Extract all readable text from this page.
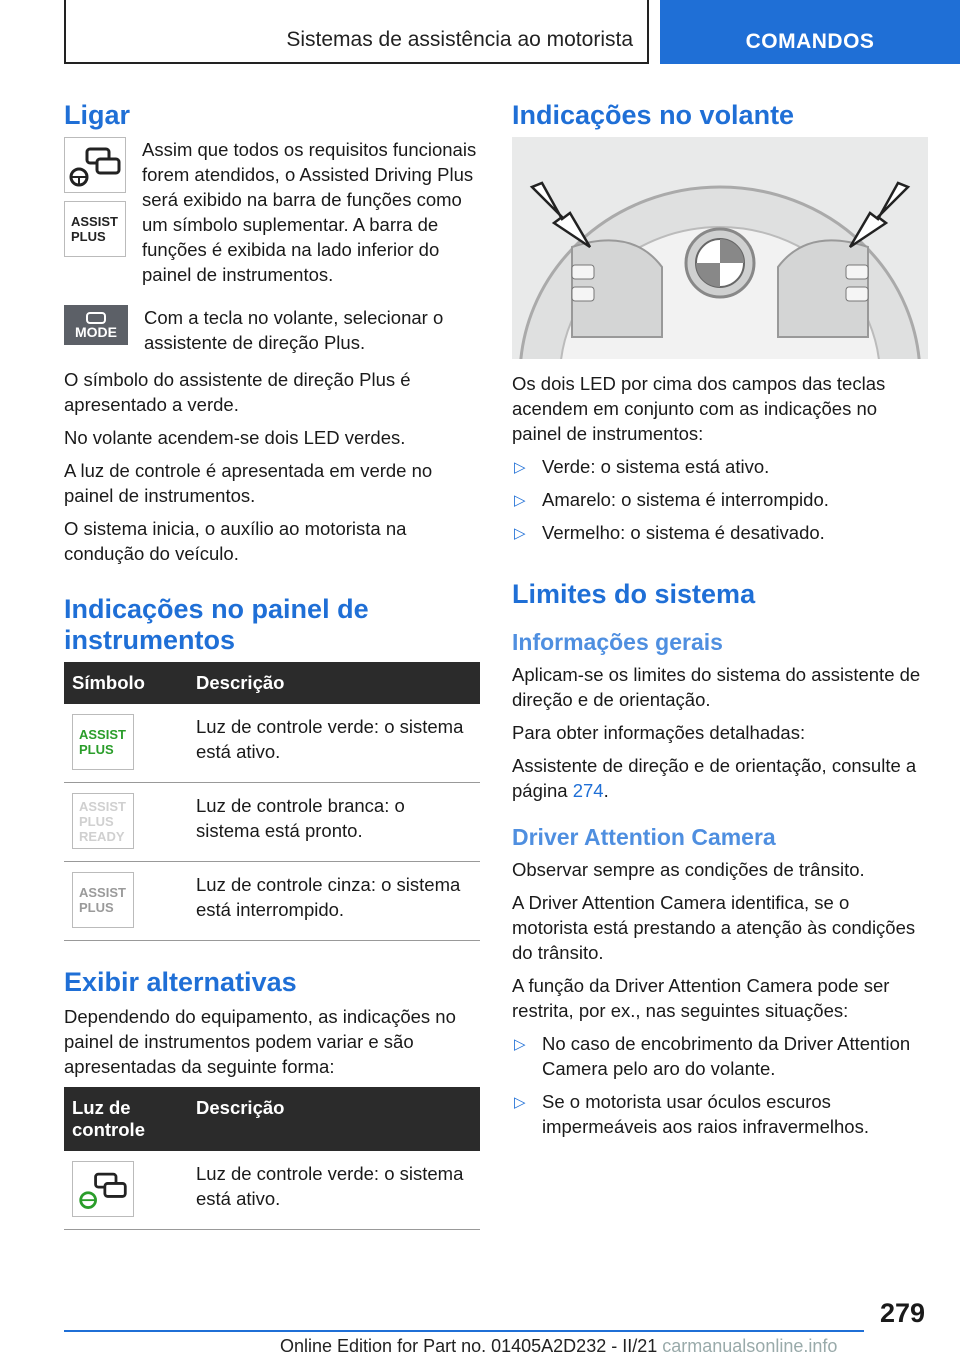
Sistemas de assistência ao motorista	COMANDOS
Ligar
ASSIST PLUS

Assim que todos os requisitos funcionais forem atendidos, o Assisted Driving Plus será exibido na barra de funções como um símbolo suplementar. A barra de funções é exibida na lado inferior do painel de instrumentos.

MODE

Com a tecla no volante, selecionar o assistente de direção Plus.

O símbolo do assistente de direção Plus é apresentado a verde.

No volante acendem-se dois LED verdes.

A luz de controle é apresentada em verde no painel de instrumentos.

O sistema inicia, o auxílio ao motorista na condução do veículo.

Indicações no painel de instrumentos
Símbolo	Descrição

ASSIST PLUS	Luz de controle verde: o sistema está ativo.

ASSIST PLUS READY	Luz de controle branca: o sistema está pronto.

ASSIST PLUS	Luz de controle cinza: o sistema está interrompido.
Exibir alternativas

Dependendo do equipamento, as indicações no painel de instrumentos podem variar e são apresentadas da seguinte forma:

Luz de controle	Descrição

	Luz de controle verde: o sistema está ativo.
Indicações no volante

Os dois LED por cima dos campos das teclas acendem em conjunto com as indicações no painel de instrumentos:

▷ Verde: o sistema está ativo.
▷ Amarelo: o sistema é interrompido.
▷ Vermelho: o sistema é desativado.
Limites do sistema
Informações gerais

Aplicam-se os limites do sistema do assistente de direção e de orientação.

Para obter informações detalhadas:

Assistente de direção e de orientação, consulte a página 274.

Driver Attention Camera

Observar sempre as condições de trânsito.

A Driver Attention Camera identifica, se o motorista está prestando a atenção às condições do trânsito.

A função da Driver Attention Camera pode ser restrita, por ex., nas seguintes situações:

▷ No caso de encobrimento da Driver Attention Camera pelo aro do volante.
▷ Se o motorista usar óculos escuros impermeáveis aos raios infravermelhos.
279
Online Edition for Part no. 01405A2D232 - II/21 carmanualsonline.info
